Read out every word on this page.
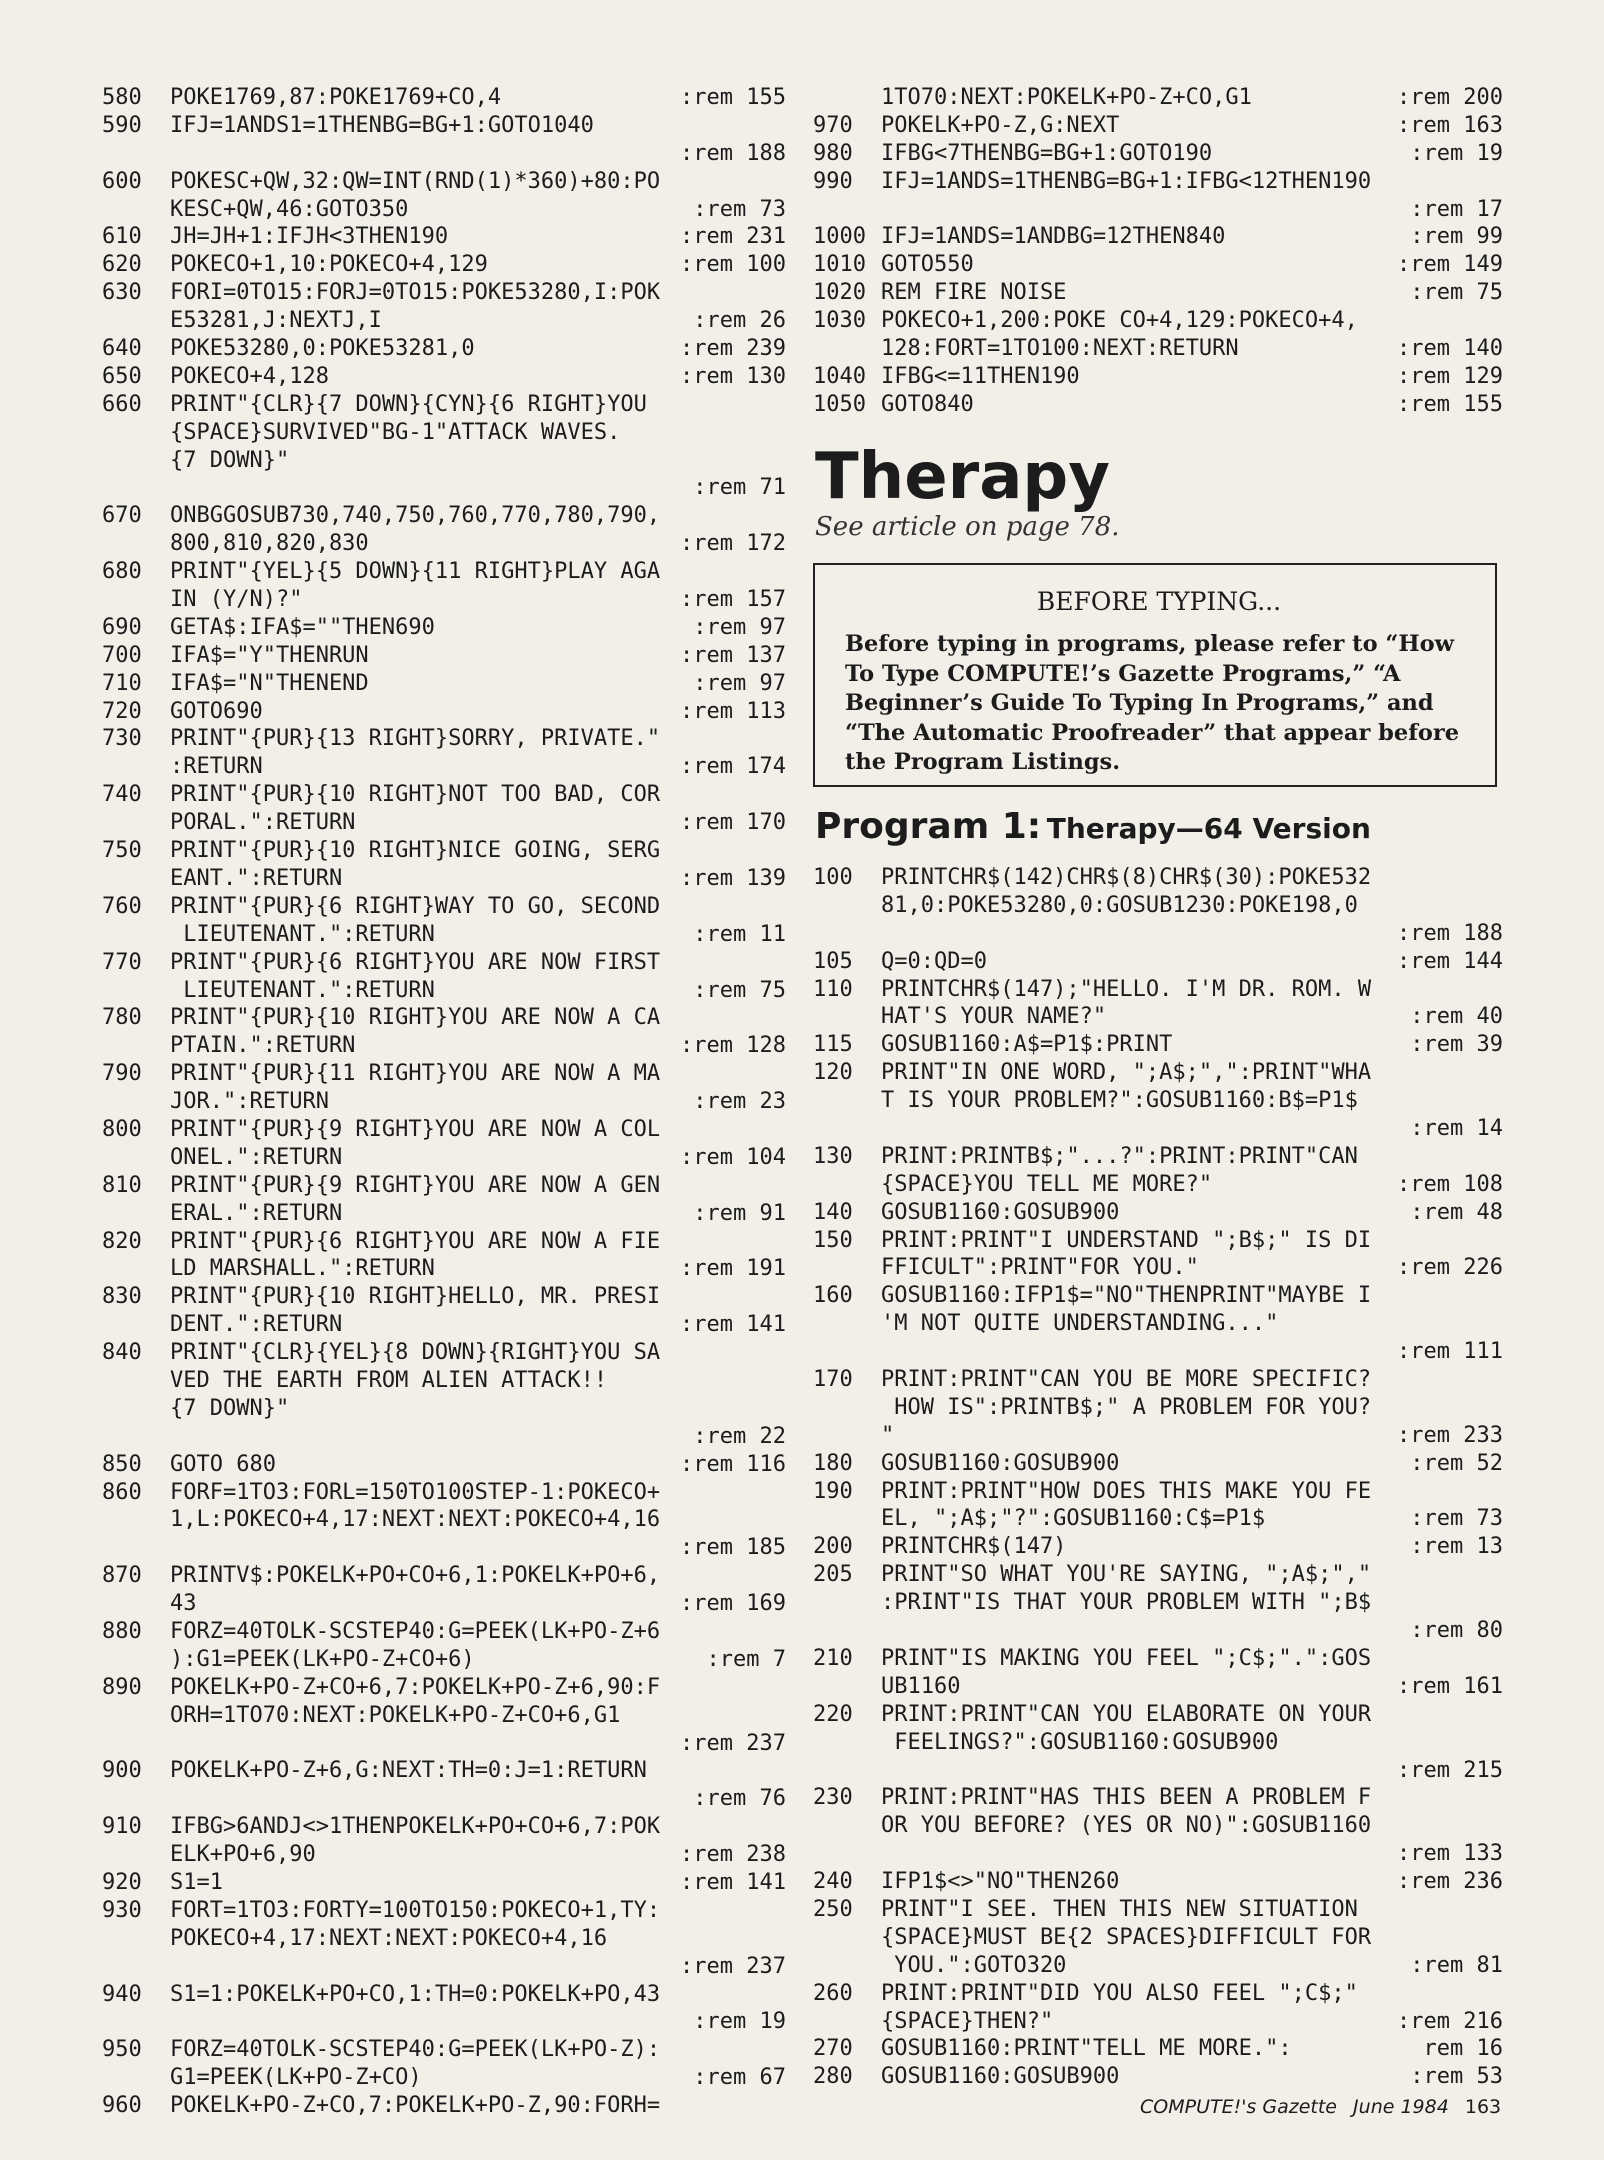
580 POKE1769,87:POKE1769+CO,4	:rem 155
590 IFJ=1ANDS1=1THENBG=BG+1:GOTO1040
:rem 188
600 POKESC+QW,32:QW=INT(RND(1)*360)+80:PO
KESC+QW,46:GOTO350	:rem 73
610 JH=JH+1:IFJH<3THEN190	:rem 231
620 POKECO+1,10:POKECO+4,129	:rem 100
630 FORI=0TO15:FORJ=0TO15:POKE53280,I:POK
E53281,J:NEXTJ,I	:rem 26
640 POKE53280,0:POKE53281,0	:rem 239
650 POKECO+4,128	:rem 130
660 PRINT"{CLR}{7 DOWN}{CYN}{6 RIGHT}YOU
{SPACE}SURVIVED"BG-1"ATTACK WAVES.
{7 DOWN}"
:rem 71
670 ONBGGOSUB730,740,750,760,770,780,790,
800,810,820,830	:rem 172
680 PRINT"{YEL}{5 DOWN}{11 RIGHT}PLAY AGA
IN (Y/N)?"	:rem 157
690 GETA$:IFA$=""THEN690	:rem 97
700 IFA$="Y"THENRUN	:rem 137
710 IFA$="N"THENEND	:rem 97
720 GOTO690	:rem 113
730 PRINT"{PUR}{13 RIGHT}SORRY, PRIVATE."
:RETURN	:rem 174
740 PRINT"{PUR}{10 RIGHT}NOT TOO BAD, COR
PORAL.":RETURN	:rem 170
750 PRINT"{PUR}{10 RIGHT}NICE GOING, SERG
EANT.":RETURN	:rem 139
760 PRINT"{PUR}{6 RIGHT}WAY TO GO, SECOND
LIEUTENANT.":RETURN	:rem 11
770 PRINT"{PUR}{6 RIGHT}YOU ARE NOW FIRST
LIEUTENANT.":RETURN	:rem 75
780 PRINT"{PUR}{10 RIGHT}YOU ARE NOW A CA
PTAIN.":RETURN	:rem 128
790 PRINT"{PUR}{11 RIGHT}YOU ARE NOW A MA
JOR.":RETURN	:rem 23
800 PRINT"{PUR}{9 RIGHT}YOU ARE NOW A COL
ONEL.":RETURN	:rem 104
810 PRINT"{PUR}{9 RIGHT}YOU ARE NOW A GEN
ERAL.":RETURN	:rem 91
820 PRINT"{PUR}{6 RIGHT}YOU ARE NOW A FIE
LD MARSHALL.":RETURN	:rem 191
830 PRINT"{PUR}{10 RIGHT}HELLO, MR. PRESI
DENT.":RETURN	:rem 141
840 PRINT"{CLR}{YEL}{8 DOWN}{RIGHT}YOU SA
VED THE EARTH FROM ALIEN ATTACK!!
{7 DOWN}"
:rem 22
850 GOTO 680	:rem 116
860 FORF=1TO3:FORL=150TO100STEP-1:POKECO+
1,L:POKECO+4,17:NEXT:NEXT:POKECO+4,16
:rem 185
870 PRINTV$:POKELK+PO+CO+6,1:POKELK+PO+6,
43	:rem 169
880 FORZ=40TOLK-SCSTEP40:G=PEEK(LK+PO-Z+6
):G1=PEEK(LK+PO-Z+CO+6)	:rem 7
890 POKELK+PO-Z+CO+6,7:POKELK+PO-Z+6,90:F
ORH=1TO70:NEXT:POKELK+PO-Z+CO+6,G1
:rem 237
900 POKELK+PO-Z+6,G:NEXT:TH=0:J=1:RETURN
:rem 76
910 IFBG>6ANDJ<>1THENPOKELK+PO+CO+6,7:POK
ELK+PO+6,90	:rem 238
920 S1=1	:rem 141
930 FORT=1TO3:FORTY=100TO150:POKECO+1,TY:
POKECO+4,17:NEXT:NEXT:POKECO+4,16
:rem 237
940 S1=1:POKELK+PO+CO,1:TH=0:POKELK+PO,43
:rem 19
950 FORZ=40TOLK-SCSTEP40:G=PEEK(LK+PO-Z):
G1=PEEK(LK+PO-Z+CO)	:rem 67
960 POKELK+PO-Z+CO,7:POKELK+PO-Z,90:FORH=
1TO70:NEXT:POKELK+PO-Z+CO,G1	:rem 200
970 POKELK+PO-Z,G:NEXT	:rem 163
980 IFBG<7THENBG=BG+1:GOTO190	:rem 19
990 IFJ=1ANDS=1THENBG=BG+1:IFBG<12THEN190
:rem 17
1000 IFJ=1ANDS=1ANDBG=12THEN840	:rem 99
1010 GOTO550	:rem 149
1020 REM FIRE NOISE	:rem 75
1030 POKECO+1,200:POKE CO+4,129:POKECO+4,
128:FORT=1TO100:NEXT:RETURN	:rem 140
1040 IFBG<=11THEN190	:rem 129
1050 GOTO840	:rem 155
Therapy

See article on page 78.

BEFORE TYPING...

Before typing in programs, please refer to “How To Type COMPUTE!’s Gazette Programs,” “A Beginner’s Guide To Typing In Programs,” and “The Automatic Proofreader” that appear before the Program Listings.

Program 1: Therapy—64 Version

100 PRINTCHR$(142)CHR$(8)CHR$(30):POKE532
81,0:POKE53280,0:GOSUB1230:POKE198,0
:rem 188
105 Q=0:QD=0	:rem 144
110 PRINTCHR$(147);"HELLO. I'M DR. ROM. W
HAT'S YOUR NAME?"	:rem 40
115 GOSUB1160:A$=P1$:PRINT	:rem 39
120 PRINT"IN ONE WORD, ";A$;",":PRINT"WHA
T IS YOUR PROBLEM?":GOSUB1160:B$=P1$
:rem 14
130 PRINT:PRINTB$;"...?":PRINT:PRINT"CAN
{SPACE}YOU TELL ME MORE?"	:rem 108
140 GOSUB1160:GOSUB900	:rem 48
150 PRINT:PRINT"I UNDERSTAND ";B$;" IS DI
FFICULT":PRINT"FOR YOU."	:rem 226
160 GOSUB1160:IFP1$="NO"THENPRINT"MAYBE I
'M NOT QUITE UNDERSTANDING..."
:rem 111
170 PRINT:PRINT"CAN YOU BE MORE SPECIFIC?
HOW IS":PRINTB$;" A PROBLEM FOR YOU?
"	:rem 233
180 GOSUB1160:GOSUB900	:rem 52
190 PRINT:PRINT"HOW DOES THIS MAKE YOU FE
EL, ";A$;"?":GOSUB1160:C$=P1$	:rem 73
200 PRINTCHR$(147)	:rem 13
205 PRINT"SO WHAT YOU'RE SAYING, ";A$;","
:PRINT"IS THAT YOUR PROBLEM WITH ";B$
:rem 80
210 PRINT"IS MAKING YOU FEEL ";C$;".":GOS
UB1160	:rem 161
220 PRINT:PRINT"CAN YOU ELABORATE ON YOUR
FEELINGS?":GOSUB1160:GOSUB900
:rem 215
230 PRINT:PRINT"HAS THIS BEEN A PROBLEM F
OR YOU BEFORE? (YES OR NO)":GOSUB1160
:rem 133
240 IFP1$<>"NO"THEN260	:rem 236
250 PRINT"I SEE. THEN THIS NEW SITUATION
{SPACE}MUST BE{2 SPACES}DIFFICULT FOR
YOU.":GOTO320	:rem 81
260 PRINT:PRINT"DID YOU ALSO FEEL ";C$;"
{SPACE}THEN?"	:rem 216
270 GOSUB1160:PRINT"TELL ME MORE.":	rem 16
280 GOSUB1160:GOSUB900	:rem 53
COMPUTE!'s Gazette June 1984 163
